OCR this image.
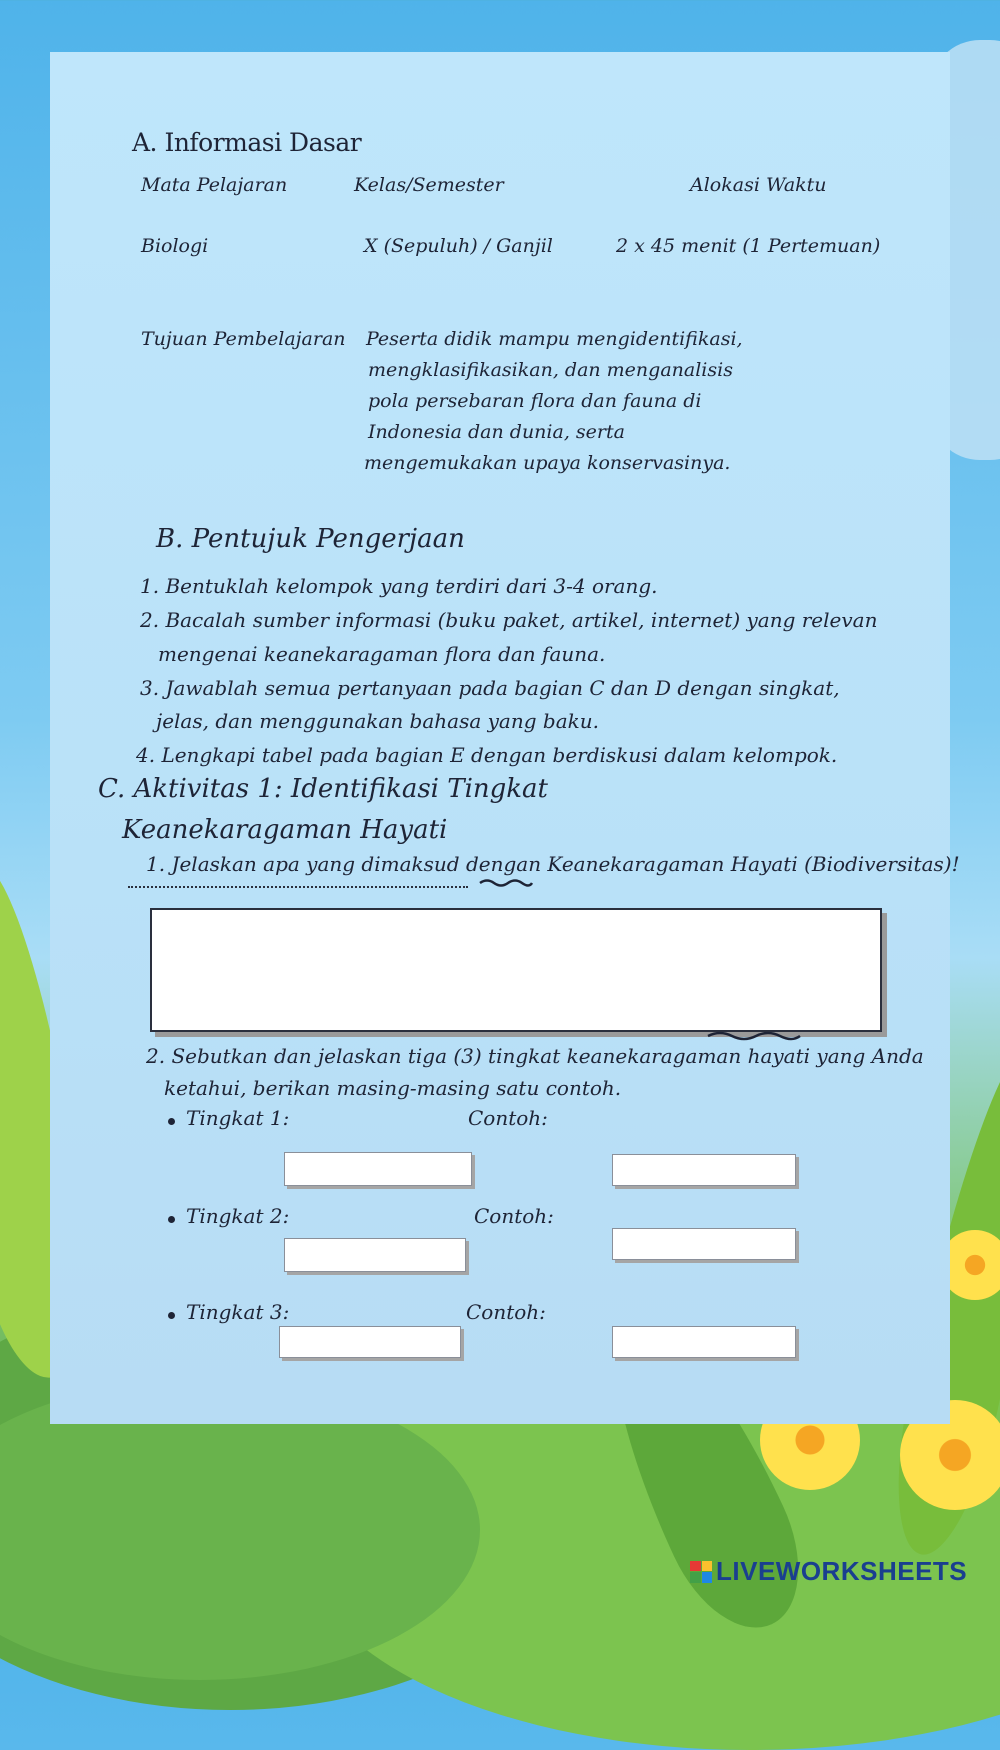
A. Informasi Dasar
Mata Pelajaran	Kelas/Semester	Alokasi Waktu
Biologi	X (Sepuluh) / Ganjil	2 x 45 menit (1 Pertemuan)
Tujuan Pembelajaran Peserta didik mampu mengidentifikasi,
mengklasifikasikan, dan menganalisis
pola persebaran flora dan fauna di
Indonesia dan dunia, serta
mengemukakan upaya konservasinya.
B. Pentujuk Pengerjaan
1. Bentuklah kelompok yang terdiri dari 3-4 orang.
2. Bacalah sumber informasi (buku paket, artikel, internet) yang relevan
mengenai keanekaragaman flora dan fauna.
3. Jawablah semua pertanyaan pada bagian C dan D dengan singkat,
jelas, dan menggunakan bahasa yang baku.
4. Lengkapi tabel pada bagian E dengan berdiskusi dalam kelompok.
C. Aktivitas 1: Identifikasi Tingkat
Keanekaragaman Hayati
1. Jelaskan apa yang dimaksud dengan Keanekaragaman Hayati (Biodiversitas)!
2. Sebutkan dan jelaskan tiga (3) tingkat keanekaragaman hayati yang Anda
ketahui, berikan masing-masing satu contoh.
Tingkat 1:	Contoh:
Tingkat 2:	Contoh:
Tingkat 3:	Contoh:
LIVEWORKSHEETS
